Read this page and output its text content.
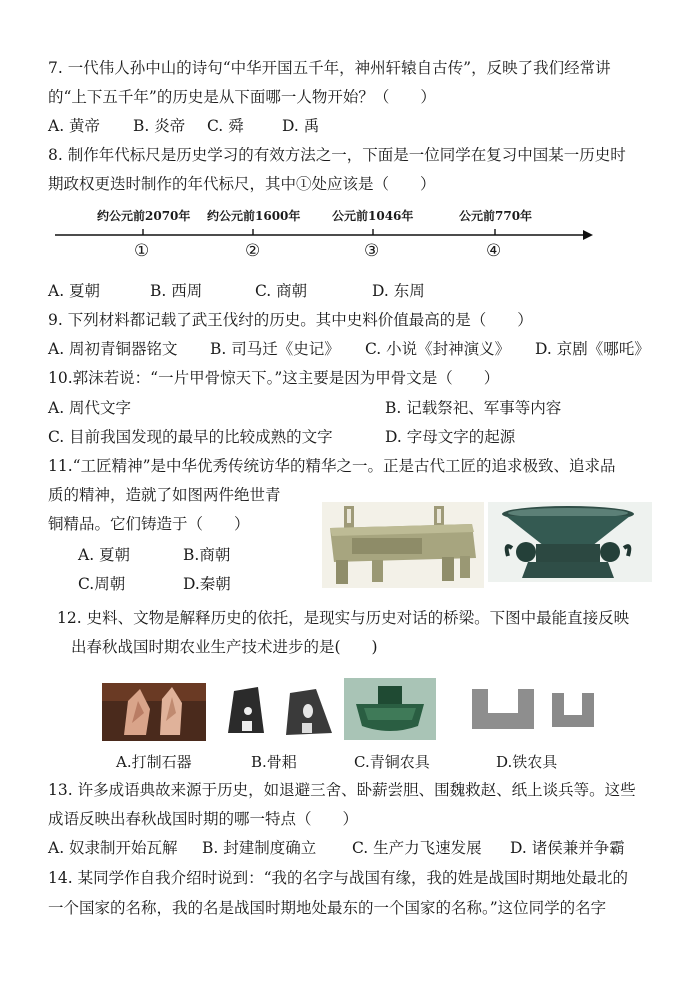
7. 一代伟人孙中山的诗句“中华开国五千年，神州轩辕自古传”，反映了我们经常讲
的“上下五千年”的历史是从下面哪一人物开始？（　　）
A. 黄帝 B. 炎帝 C. 舜 D. 禹
8. 制作年代标尺是历史学习的有效方法之一，下面是一位同学在复习中国某一历史时
期政权更迭时制作的年代标尺，其中①处应该是（　　）
约公元前2070年 约公元前1600年	公元前1046年	公元前770年
①	②	③	④
A. 夏朝	B. 西周	C. 商朝	D. 东周
9. 下列材料都记载了武王伐纣的历史。其中史料价值最高的是（　　）
A. 周初青铜器铭文 B. 司马迁《史记》 C. 小说《封神演义》 D. 京剧《哪吒》
10.郭沫若说：“一片甲骨惊天下。”这主要是因为甲骨文是（　　）
A. 周代文字	B. 记载祭祀、军事等内容
C. 目前我国发现的最早的比较成熟的文字	D. 字母文字的起源
11.“工匠精神”是中华优秀传统访华的精华之一。正是古代工匠的追求极致、追求品
质的精神，造就了如图两件绝世青
铜精品。它们铸造于（　　）
A. 夏朝	B.商朝
C.周朝	D.秦朝
12. 史料、文物是解释历史的依托，是现实与历史对话的桥梁。下图中最能直接反映
出春秋战国时期农业生产技术进步的是(　　)
A.打制石器	B.骨耜	C.青铜农具	D.铁农具
13. 许多成语典故来源于历史，如退避三舍、卧薪尝胆、围魏救赵、纸上谈兵等。这些
成语反映出春秋战国时期的哪一特点（　　）
A. 奴隶制开始瓦解 B. 封建制度确立 C. 生产力飞速发展 D. 诸侯兼并争霸
14. 某同学作自我介绍时说到：“我的名字与战国有缘，我的姓是战国时期地处最北的
一个国家的名称，我的名是战国时期地处最东的一个国家的名称。”这位同学的名字
